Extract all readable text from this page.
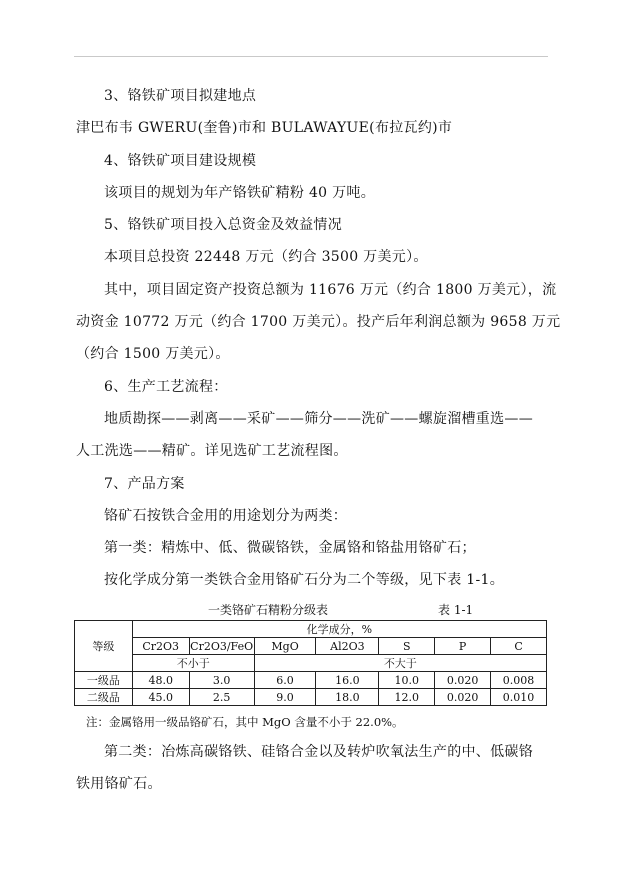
3、铬铁矿项目拟建地点
津巴布韦 GWERU(奎鲁)市和 BULAWAYUE(布拉瓦约)市
4、铬铁矿项目建设规模
该项目的规划为年产铬铁矿精粉 40 万吨。
5、铬铁矿项目投入总资金及效益情况
本项目总投资 22448 万元（约合 3500 万美元）。
其中，项目固定资产投资总额为 11676 万元（约合 1800 万美元），流
动资金 10772 万元（约合 1700 万美元）。投产后年利润总额为 9658 万元
（约合 1500 万美元）。
6、生产工艺流程：
地质勘探——剥离——采矿——筛分——洗矿——螺旋溜槽重选——
人工洗选——精矿。详见选矿工艺流程图。
7、产品方案
铬矿石按铁合金用的用途划分为两类：
第一类：精炼中、低、微碳铬铁，金属铬和铬盐用铬矿石；
按化学成分第一类铁合金用铬矿石分为二个等级，见下表 1-1。
一类铬矿石精粉分级表	表 1-1
等级	化学成分，%						
	Cr2O3	Cr2O3/FeO	MgO	Al2O3	S	P	C
	不小于		不大于				
一级品	48.0	3.0	6.0	16.0	10.0	0.020	0.008
二级品	45.0	2.5	9.0	18.0	12.0	0.020	0.010
注：金属铬用一级品铬矿石，其中 MgO 含量不小于 22.0%。
第二类：冶炼高碳铬铁、硅铬合金以及转炉吹氧法生产的中、低碳铬
铁用铬矿石。
